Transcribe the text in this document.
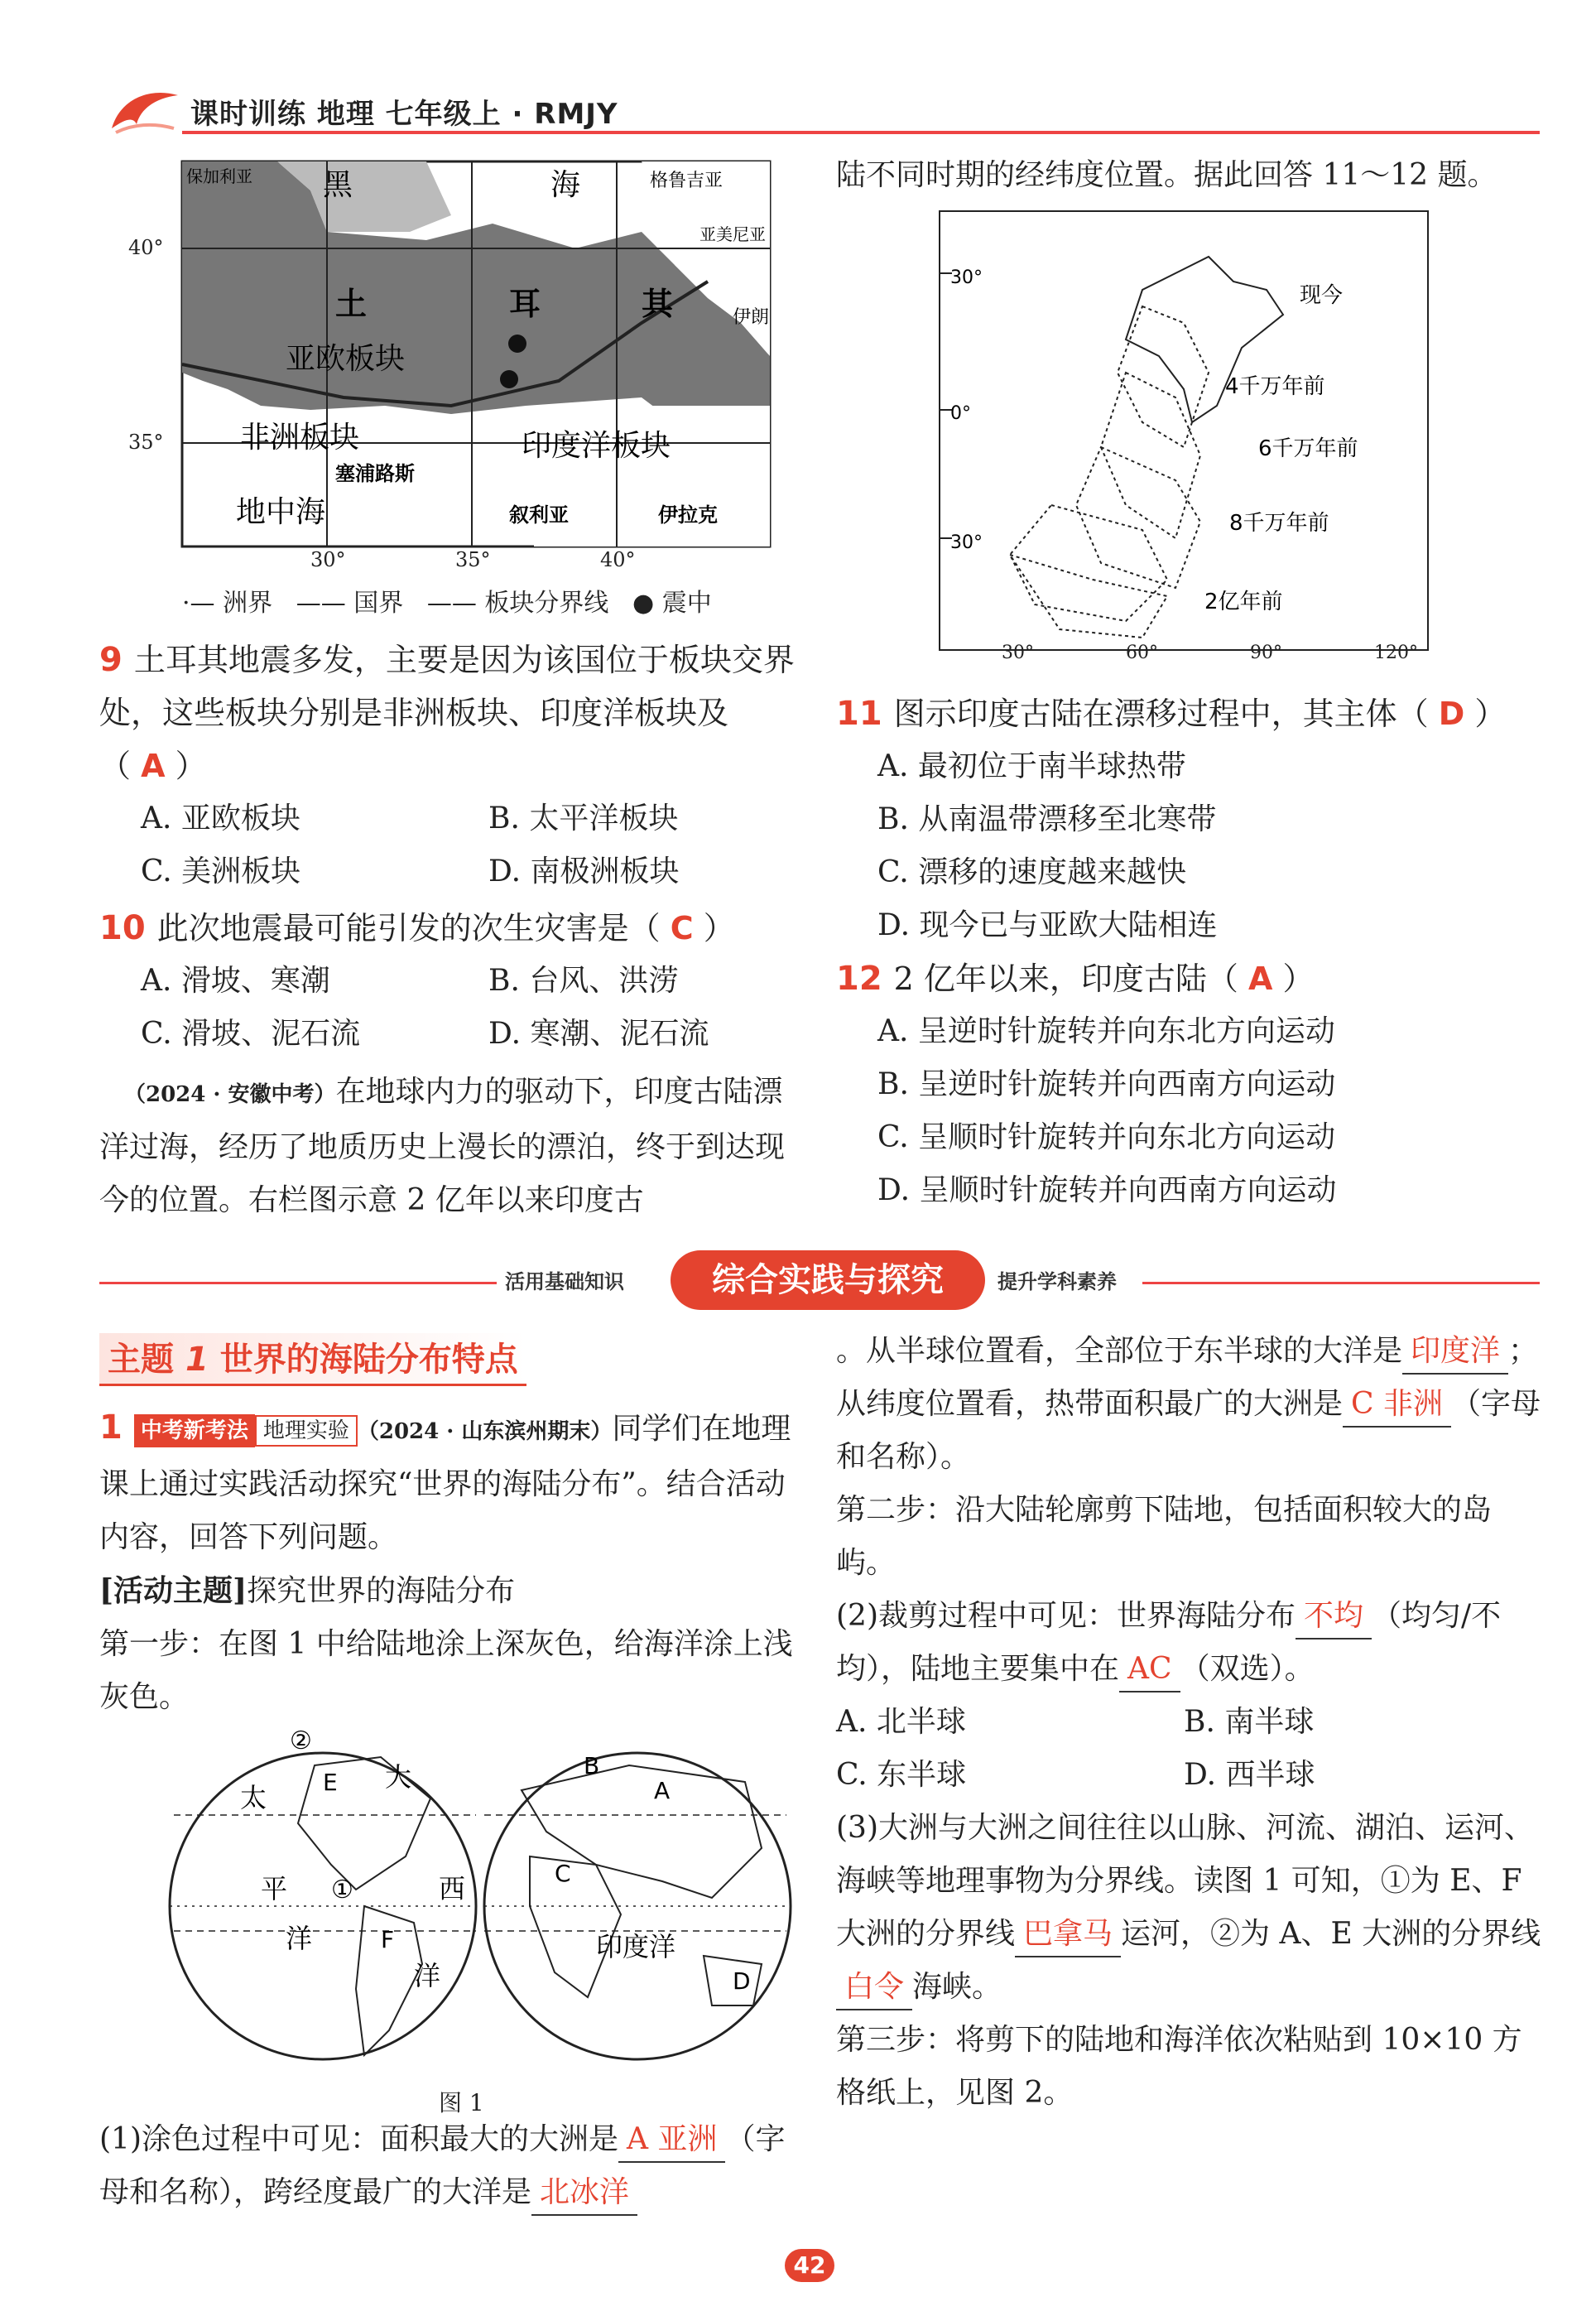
课时训练 地理 七年级上 · RMJY
保加利亚 黑	海	格鲁吉亚
亚美尼亚
伊朗
土	耳	其
亚欧板块
非洲板块	印度洋板块
塞浦路斯
地中海	叙利亚	伊拉克
40°
35°
30°	35°	40°
·— 洲界 —— 国界 —— 板块分界线 ● 震中
9 土耳其地震多发，主要是因为该国位于板块交界处，这些板块分别是非洲板块、印度洋板块及（ A ）
A. 亚欧板块	B. 太平洋板块
C. 美洲板块	D. 南极洲板块
10 此次地震最可能引发的次生灾害是（ C ）
A. 滑坡、寒潮	B. 台风、洪涝
C. 滑坡、泥石流	D. 寒潮、泥石流
（2024 · 安徽中考）在地球内力的驱动下，印度古陆漂洋过海，经历了地质历史上漫长的漂泊，终于到达现今的位置。右栏图示意 2 亿年以来印度古
陆不同时期的经纬度位置。据此回答 11～12 题。
30°
0°
30°
现今
4千万年前
6千万年前
8千万年前
2亿年前
30°	60°	90°	120°
11 图示印度古陆在漂移过程中，其主体（ D ）
A. 最初位于南半球热带
B. 从南温带漂移至北寒带
C. 漂移的速度越来越快
D. 现今已与亚欧大陆相连
12 2 亿年以来，印度古陆（ A ）
A. 呈逆时针旋转并向东北方向运动
B. 呈逆时针旋转并向西南方向运动
C. 呈顺时针旋转并向东北方向运动
D. 呈顺时针旋转并向西南方向运动
活用基础知识	综合实践与探究	提升学科素养
主题 1 世界的海陆分布特点
1 中考新考法 地理实验 （2024 · 山东滨州期末）同学们在地理课上通过实践活动探究“世界的海陆分布”。结合活动内容，回答下列问题。
[活动主题]探究世界的海陆分布
第一步：在图 1 中给陆地涂上深灰色，给海洋涂上浅灰色。
太
平
洋
大
西
洋
印度洋
A
B
C
D
E
F
①
②
图 1
(1)涂色过程中可见：面积最大的大洲是 A 亚洲 （字母和名称），跨经度最广的大洋是 北冰洋
。从半球位置看，全部位于东半球的大洋是 印度洋 ；从纬度位置看，热带面积最广的大洲是 C 非洲 （字母和名称）。
第二步：沿大陆轮廓剪下陆地，包括面积较大的岛屿。
(2)裁剪过程中可见：世界海陆分布 不均 （均匀/不均），陆地主要集中在 AC （双选）。
A. 北半球	B. 南半球
C. 东半球	D. 西半球
(3)大洲与大洲之间往往以山脉、河流、湖泊、运河、海峡等地理事物为分界线。读图 1 可知，①为 E、F 大洲的分界线 巴拿马 运河，②为 A、E 大洲的分界线白令 海峡。
第三步：将剪下的陆地和海洋依次粘贴到 10×10 方格纸上，见图 2。
42
